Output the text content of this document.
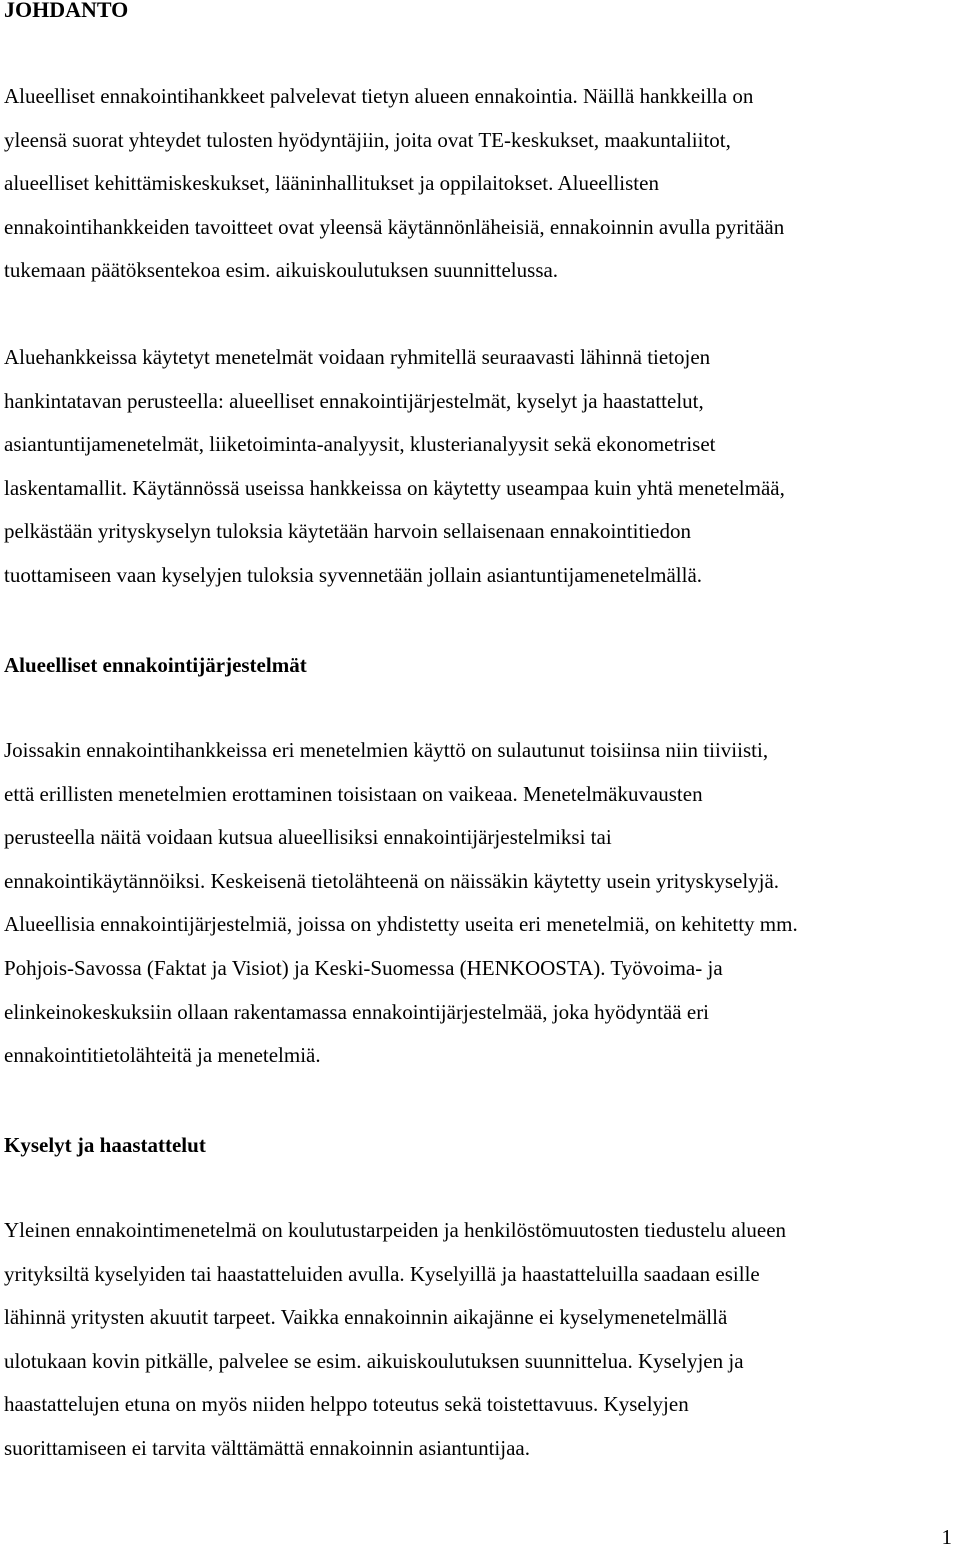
JOHDANTO

Alueelliset ennakointihankkeet palvelevat tietyn alueen ennakointia. Näillä hankkeilla on
yleensä suorat yhteydet tulosten hyödyntäjiin, joita ovat TE-keskukset, maakuntaliitot,
alueelliset kehittämiskeskukset, lääninhallitukset ja oppilaitokset. Alueellisten
ennakointihankkeiden tavoitteet ovat yleensä käytännönläheisiä, ennakoinnin avulla pyritään
tukemaan päätöksentekoa esim. aikuiskoulutuksen suunnittelussa.

Aluehankkeissa käytetyt menetelmät voidaan ryhmitellä seuraavasti lähinnä tietojen
hankintatavan perusteella: alueelliset ennakointijärjestelmät, kyselyt ja haastattelut,
asiantuntijamenetelmät, liiketoiminta-analyysit, klusterianalyysit sekä ekonometriset
laskentamallit. Käytännössä useissa hankkeissa on käytetty useampaa kuin yhtä menetelmää,
pelkästään yrityskyselyn tuloksia käytetään harvoin sellaisenaan ennakointitiedon
tuottamiseen vaan kyselyjen tuloksia syvennetään jollain asiantuntijamenetelmällä.

Alueelliset ennakointijärjestelmät

Joissakin ennakointihankkeissa eri menetelmien käyttö on sulautunut toisiinsa niin tiiviisti,
että erillisten menetelmien erottaminen toisistaan on vaikeaa. Menetelmäkuvausten
perusteella näitä voidaan kutsua alueellisiksi ennakointijärjestelmiksi tai
ennakointikäytännöiksi. Keskeisenä tietolähteenä on näissäkin käytetty usein yrityskyselyjä.
Alueellisia ennakointijärjestelmiä, joissa on yhdistetty useita eri menetelmiä, on kehitetty mm.
Pohjois-Savossa (Faktat ja Visiot) ja Keski-Suomessa (HENKOOSTA). Työvoima- ja
elinkeinokeskuksiin ollaan rakentamassa ennakointijärjestelmää, joka hyödyntää eri
ennakointitietolähteitä ja menetelmiä.

Kyselyt ja haastattelut

Yleinen ennakointimenetelmä on koulutustarpeiden ja henkilöstömuutosten tiedustelu alueen
yrityksiltä kyselyiden tai haastatteluiden avulla. Kyselyillä ja haastatteluilla saadaan esille
lähinnä yritysten akuutit tarpeet. Vaikka ennakoinnin aikajänne ei kyselymenetelmällä
ulotukaan kovin pitkälle, palvelee se esim. aikuiskoulutuksen suunnittelua. Kyselyjen ja
haastattelujen etuna on myös niiden helppo toteutus sekä toistettavuus. Kyselyjen
suorittamiseen ei tarvita välttämättä ennakoinnin asiantuntijaa.

1
